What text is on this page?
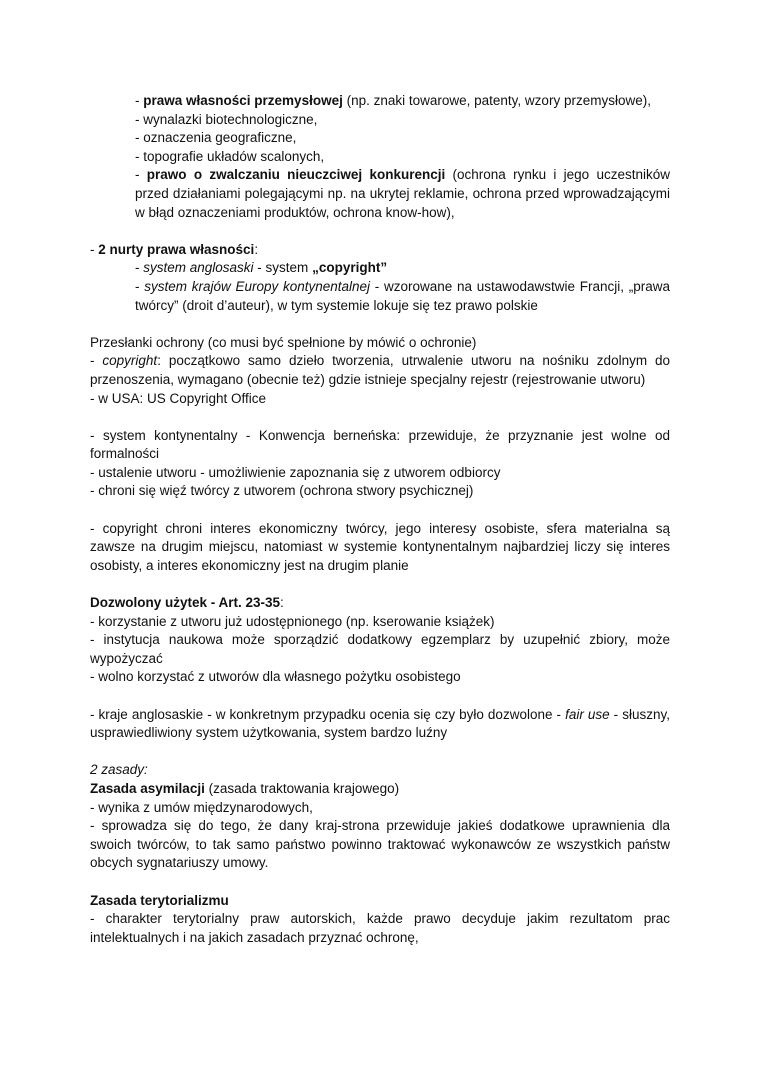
- prawa własności przemysłowej (np. znaki towarowe, patenty, wzory przemysłowe),

- wynalazki biotechnologiczne,

- oznaczenia geograficzne,

- topografie układów scalonych,

- prawo o zwalczaniu nieuczciwej konkurencji (ochrona rynku i jego uczestników przed działaniami polegającymi np. na ukrytej reklamie, ochrona przed wprowadzającymi w błąd oznaczeniami produktów, ochrona know-how),

- 2 nurty prawa własności:

- system anglosaski - system „copyright”

- system krajów Europy kontynentalnej - wzorowane na ustawodawstwie Francji, „prawa twórcy” (droit d’auteur), w tym systemie lokuje się tez prawo polskie

Przesłanki ochrony (co musi być spełnione by mówić o ochronie)

- copyright: początkowo samo dzieło tworzenia, utrwalenie utworu na nośniku zdolnym do przenoszenia, wymagano (obecnie też) gdzie istnieje specjalny rejestr (rejestrowanie utworu)

- w USA: US Copyright Office

- system kontynentalny - Konwencja berneńska: przewiduje, że przyznanie jest wolne od formalności

- ustalenie utworu - umożliwienie zapoznania się z utworem odbiorcy

- chroni się więź twórcy z utworem (ochrona stwory psychicznej)

- copyright chroni interes ekonomiczny twórcy, jego interesy osobiste, sfera materialna są zawsze na drugim miejscu, natomiast w systemie kontynentalnym najbardziej liczy się interes osobisty, a interes ekonomiczny jest na drugim planie

Dozwolony użytek - Art. 23-35:

- korzystanie z utworu już udostępnionego (np. kserowanie książek)

- instytucja naukowa może sporządzić dodatkowy egzemplarz by uzupełnić zbiory, może wypożyczać

- wolno korzystać z utworów dla własnego pożytku osobistego

- kraje anglosaskie - w konkretnym przypadku ocenia się czy było dozwolone - fair use - słuszny, usprawiedliwiony system użytkowania, system bardzo luźny

2 zasady:

Zasada asymilacji (zasada traktowania krajowego)

- wynika z umów międzynarodowych,

- sprowadza się do tego, że dany kraj-strona przewiduje jakieś dodatkowe uprawnienia dla swoich twórców, to tak samo państwo powinno traktować wykonawców ze wszystkich państw obcych sygnatariuszy umowy.

Zasada terytorializmu

- charakter terytorialny praw autorskich, każde prawo decyduje jakim rezultatom prac intelektualnych i na jakich zasadach przyznać ochronę,
